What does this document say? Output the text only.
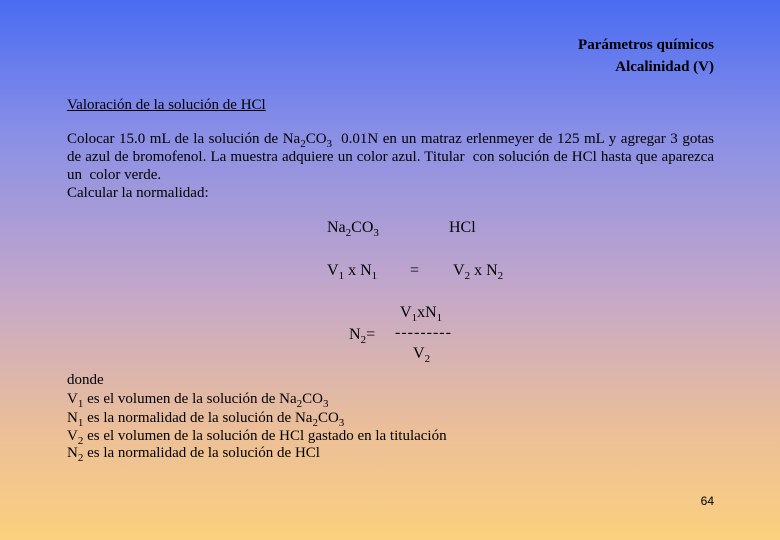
Parámetros químicos
Alcalinidad (V)
Valoración de la solución de HCl

Colocar 15.0 mL de la solución de $Na_2CO_3$  0.01N en un matraz erlenmeyer de 125 mL y agregar 3 gotas de azul de bromofenol. La muestra adquiere un color azul. Titular  con solución de HCl hasta que aparezca un  color verde.

Calcular la normalidad:

$Na_2CO_3$	HCl
$V_1$ x $N_1 = V_2$ x $N_2$
$V_1xN_1$
$N_2=$ ---------
$V_2$
donde
$V_1$ es el volumen de la solución de $Na_2CO_3$
$N_1$ es la normalidad de la solución de $Na_2CO_3$
$V_2$ es el volumen de la solución de HCl gastado en la titulación
$N_2$ es la normalidad de la solución de HCl
64
